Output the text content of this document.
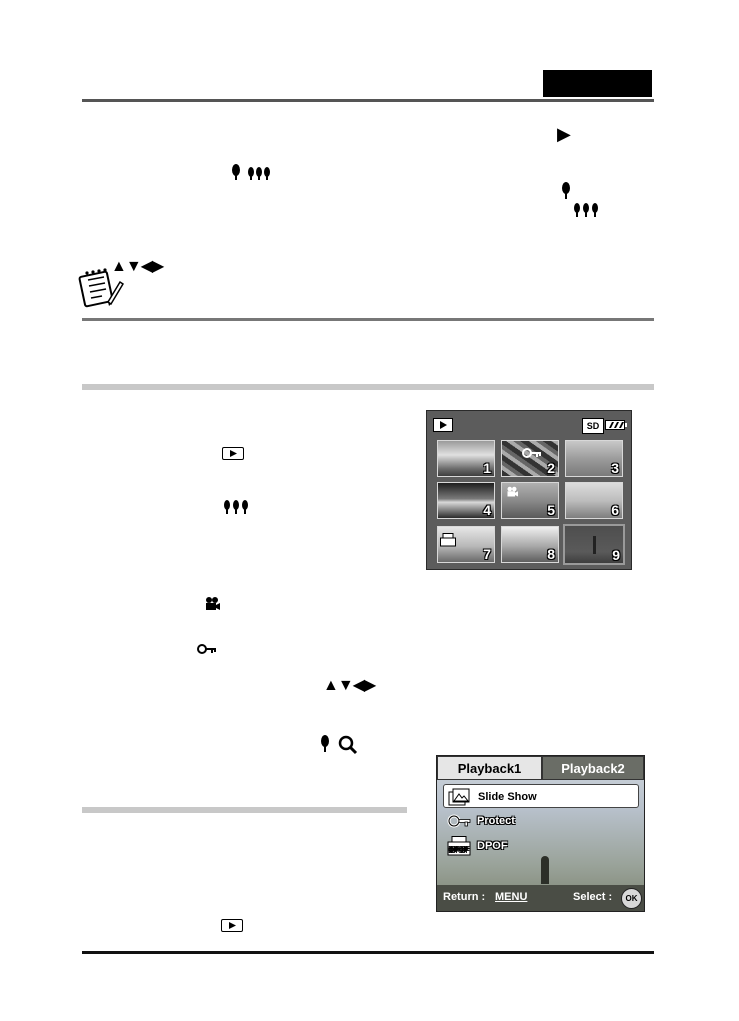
▶
▲▼◀▶
▲▼◀▶
SD
1	2	3
4	5	6
7	8	9
Playback1	Playback2
Slide Show
Protect
DPOF DPOF
Return : MENU	Select :	OK
